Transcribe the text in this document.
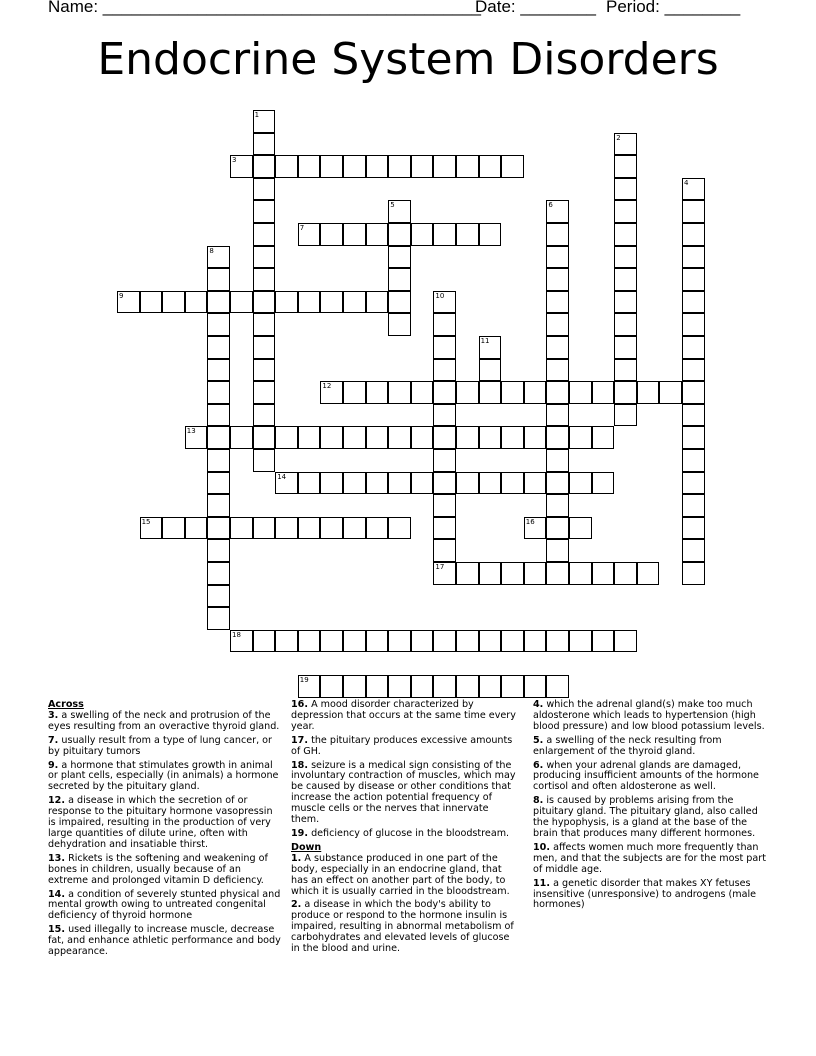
Name: ________________________________________
Date: ________ Period: ________
Endocrine System Disorders
1
2
3
4
5	6
7
8
9	10
17
11
12
13
14
15	16
18
19
Across
3. a swelling of the neck and protrusion of the eyes resulting from an overactive thyroid gland.
7. usually result from a type of lung cancer, or by pituitary tumors
9. a hormone that stimulates growth in animal or plant cells, especially (in animals) a hormone secreted by the pituitary gland.
12. a disease in which the secretion of or response to the pituitary hormone vasopressin is impaired, resulting in the production of very large quantities of dilute urine, often with dehydration and insatiable thirst.
13. Rickets is the softening and weakening of bones in children, usually because of an extreme and prolonged vitamin D deficiency.
14. a condition of severely stunted physical and mental growth owing to untreated congenital deficiency of thyroid hormone
15. used illegally to increase muscle, decrease fat, and enhance athletic performance and body appearance.
16. A mood disorder characterized by depression that occurs at the same time every year.
17. the pituitary produces excessive amounts of GH.
18. seizure is a medical sign consisting of the involuntary contraction of muscles, which may be caused by disease or other conditions that increase the action potential frequency of muscle cells or the nerves that innervate them.
19. deficiency of glucose in the bloodstream.
Down
1. A substance produced in one part of the body, especially in an endocrine gland, that has an effect on another part of the body, to which it is usually carried in the bloodstream.
2. a disease in which the body's ability to produce or respond to the hormone insulin is impaired, resulting in abnormal metabolism of carbohydrates and elevated levels of glucose in the blood and urine.
4. which the adrenal gland(s) make too much aldosterone which leads to hypertension (high blood pressure) and low blood potassium levels.
5. a swelling of the neck resulting from enlargement of the thyroid gland.
6. when your adrenal glands are damaged, producing insufficient amounts of the hormone cortisol and often aldosterone as well.
8. is caused by problems arising from the pituitary gland. The pituitary gland, also called the hypophysis, is a gland at the base of the brain that produces many different hormones.
10. affects women much more frequently than men, and that the subjects are for the most part of middle age.
11. a genetic disorder that makes XY fetuses insensitive (unresponsive) to androgens (male hormones)
